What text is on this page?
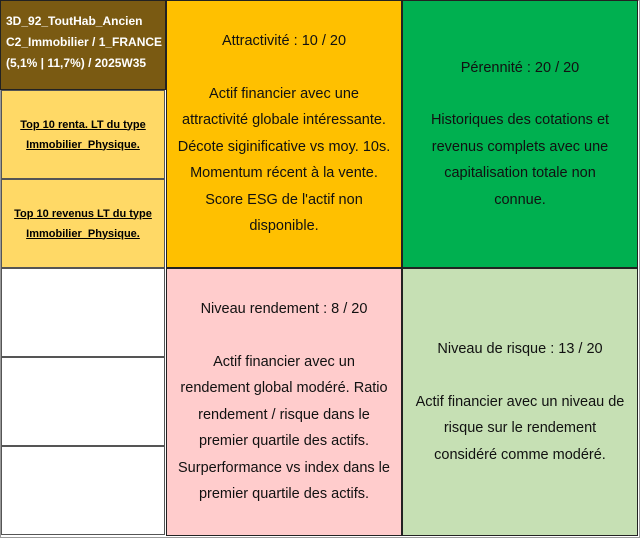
3D_92_ToutHab_Ancien
C2_Immobilier / 1_FRANCE
(5,1% | 11,7%) / 2025W35
Top 10 renta. LT du type
Immobilier_Physique.
Top 10 revenus LT du type
Immobilier_Physique.
Attractivité : 10 / 20
Actif financier avec une
attractivité globale intéressante.
Décote siginificative vs moy. 10s.
Momentum récent à la vente.
Score ESG de l'actif non
disponible.
Pérennité : 20 / 20
Historiques des cotations et
revenus complets avec une
capitalisation totale non
connue.
Niveau rendement : 8 / 20
Actif financier avec un
rendement global modéré. Ratio
rendement / risque dans le
premier quartile des actifs.
Surperformance vs index dans le
premier quartile des actifs.
Niveau de risque : 13 / 20
Actif financier avec un niveau de
risque sur le rendement
considéré comme modéré.
